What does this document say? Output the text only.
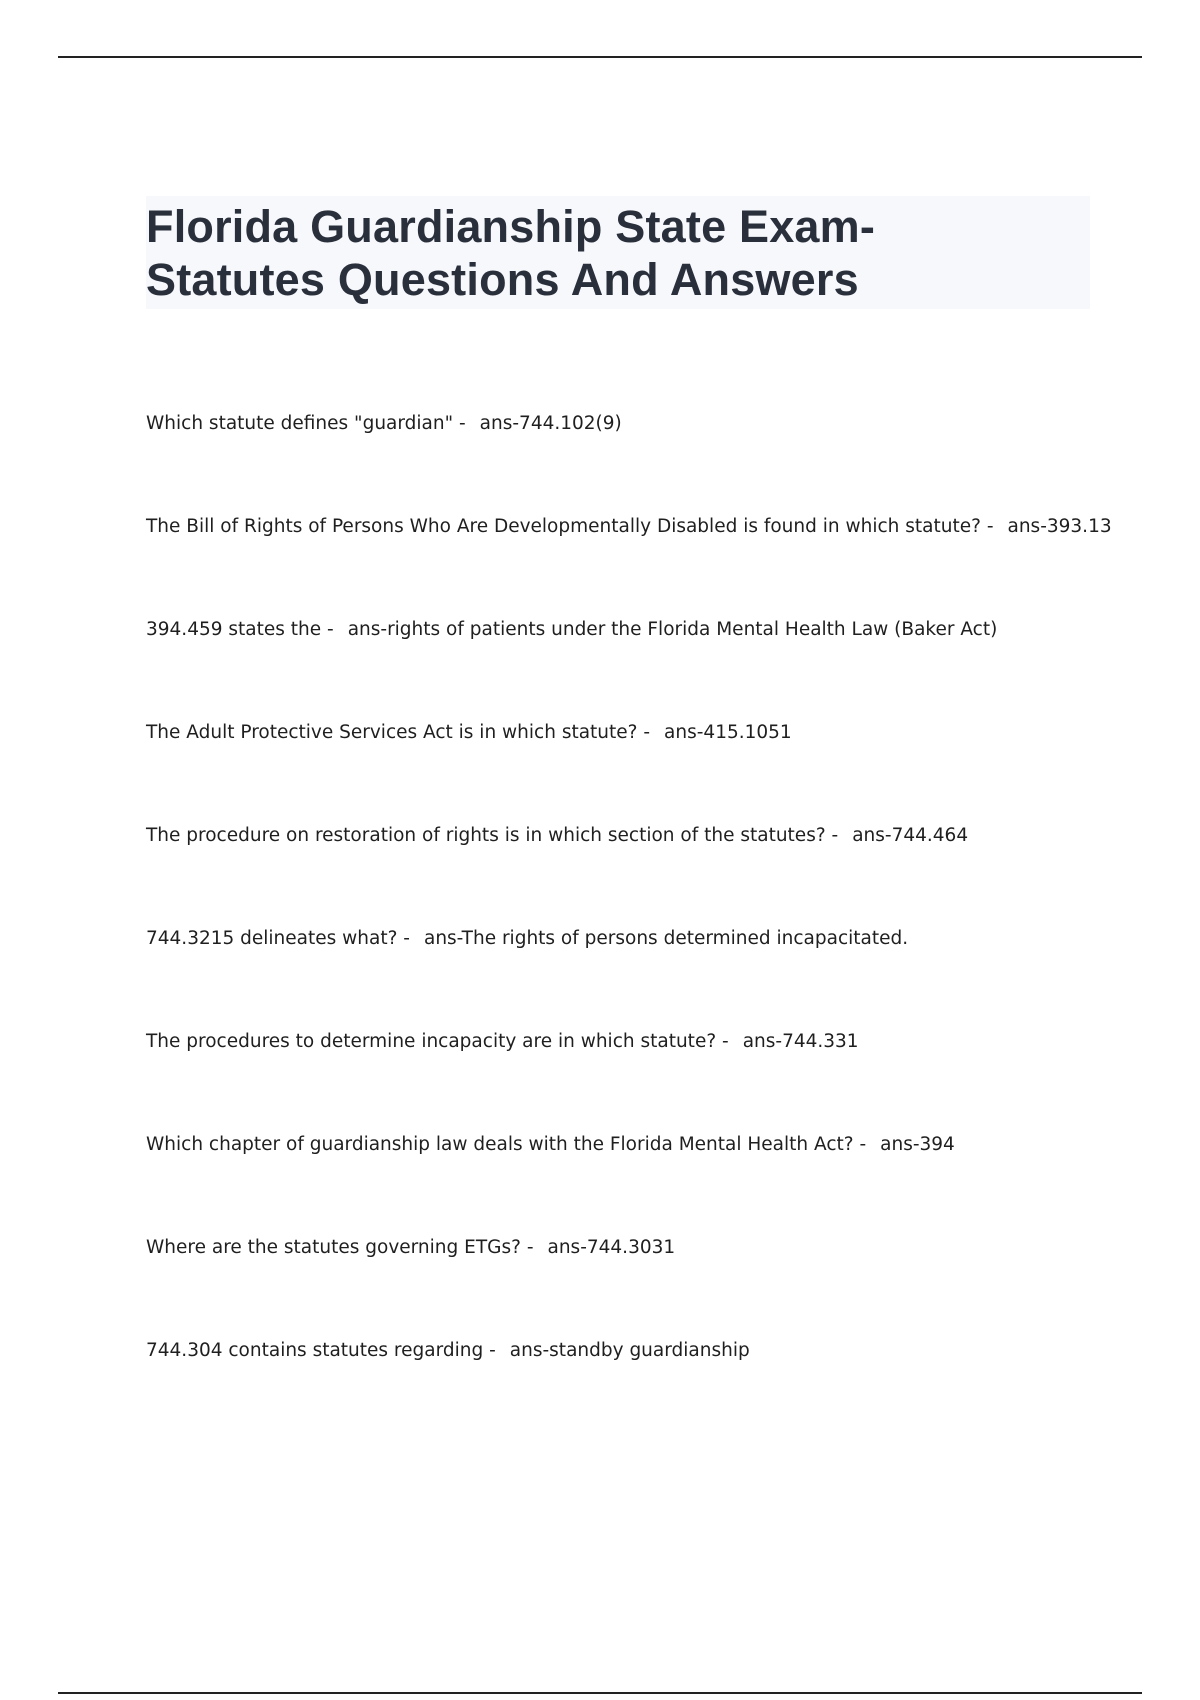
Florida Guardianship State Exam-
Statutes Questions And Answers
Which statute defines "guardian" - ans-744.102(9)
The Bill of Rights of Persons Who Are Developmentally Disabled is found in which statute? - ans-393.13
394.459 states the - ans-rights of patients under the Florida Mental Health Law (Baker Act)
The Adult Protective Services Act is in which statute? - ans-415.1051
The procedure on restoration of rights is in which section of the statutes? - ans-744.464
744.3215 delineates what? - ans-The rights of persons determined incapacitated.
The procedures to determine incapacity are in which statute? - ans-744.331
Which chapter of guardianship law deals with the Florida Mental Health Act? - ans-394
Where are the statutes governing ETGs? - ans-744.3031
744.304 contains statutes regarding - ans-standby guardianship
